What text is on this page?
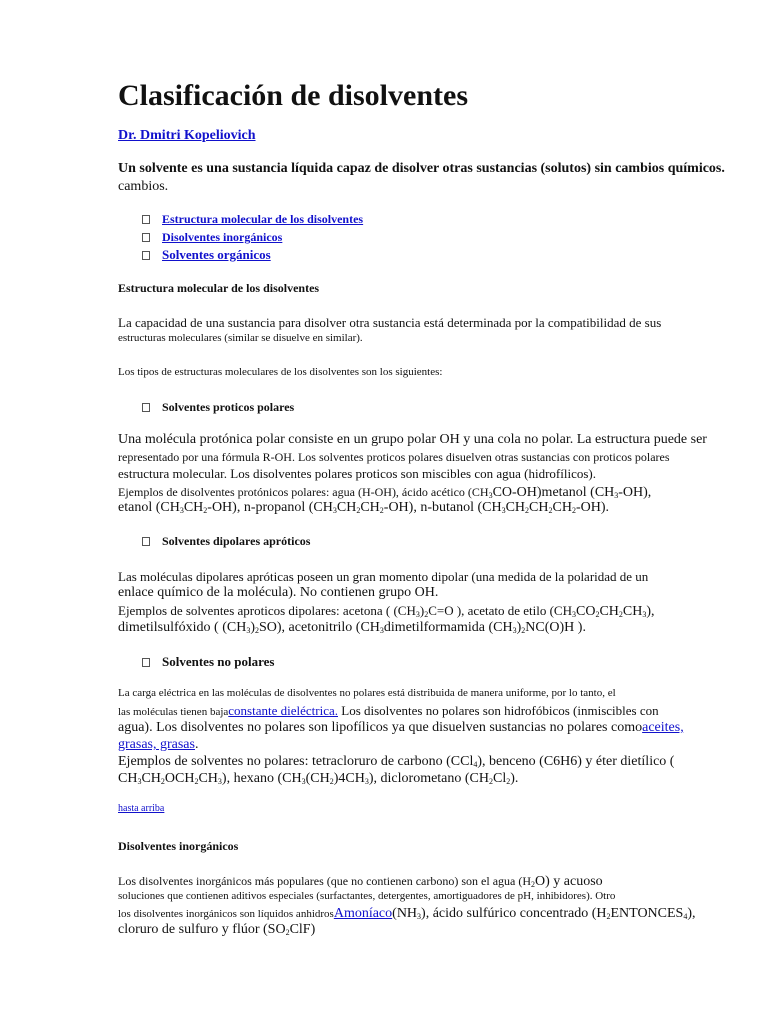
Clasificación de disolventes
Dr. Dmitri Kopeliovich

Un solvente es una sustancia líquida capaz de disolver otras sustancias (solutos) sin cambios químicos.

cambios.

Estructura molecular de los disolventes
Disolventes inorgánicos
Solventes orgánicos

Estructura molecular de los disolventes

La capacidad de una sustancia para disolver otra sustancia está determinada por la compatibilidad de sus

estructuras moleculares (similar se disuelve en similar).

Los tipos de estructuras moleculares de los disolventes son los siguientes:

Solventes proticos polares

Una molécula protónica polar consiste en un grupo polar OH y una cola no polar. La estructura puede ser

representado por una fórmula R-OH. Los solventes proticos polares disuelven otras sustancias con proticos polares

estructura molecular. Los disolventes polares proticos son miscibles con agua (hidrofílicos).

Ejemplos de disolventes protónicos polares: agua (H-OH), ácido acético $(CH_3CO-OH)metanol$ $(CH_3-OH)$,

etanol $(CH_3CH_2-OH)$, n-propanol $(CH_3CH_2CH_2-OH)$, n-butanol $(CH_3CH_2CH_2CH_2-OH)$.

Solventes dipolares apróticos

Las moléculas dipolares apróticas poseen un gran momento dipolar (una medida de la polaridad de un

enlace químico de la molécula). No contienen grupo OH.

Ejemplos de solventes aproticos dipolares: acetona ( $(CH_3)_2C=O$ ), acetato de etilo $(CH_3CO_2CH_2CH_3)$,

dimetilsulfóxido ( $(CH_3)_2SO$), acetonitrilo ($CH_3dimetilformamida$ $(CH_3)_2NC(O)H$ ).

Solventes no polares

La carga eléctrica en las moléculas de disolventes no polares está distribuida de manera uniforme, por lo tanto, el

las moléculas tienen bajaconstante dieléctrica. Los disolventes no polares son hidrofóbicos (inmiscibles con

agua). Los disolventes no polares son lipofílicos ya que disuelven sustancias no polares comoaceites,

grasas, grasas.

Ejemplos de solventes no polares: tetracloruro de carbono (CCl$_4$), benceno (C6H6) y éter dietílico (

$CH_3CH_2OCH_2CH_3$), hexano $(CH_3(CH_2)4CH_3)$, diclorometano $(CH_2Cl_2)$.

hasta arriba

Disolventes inorgánicos

Los disolventes inorgánicos más populares (que no contienen carbono) son el agua $(H_2O)$ y acuoso

soluciones que contienen aditivos especiales (surfactantes, detergentes, amortiguadores de pH, inhibidores). Otro

los disolventes inorgánicos son líquidos $anhidrosAmoníaco(NH_3)$, ácido sulfúrico concentrado $(H_2ENTONCES_4)$,

cloruro de sulfuro y flúor $(SO_2ClF)$
